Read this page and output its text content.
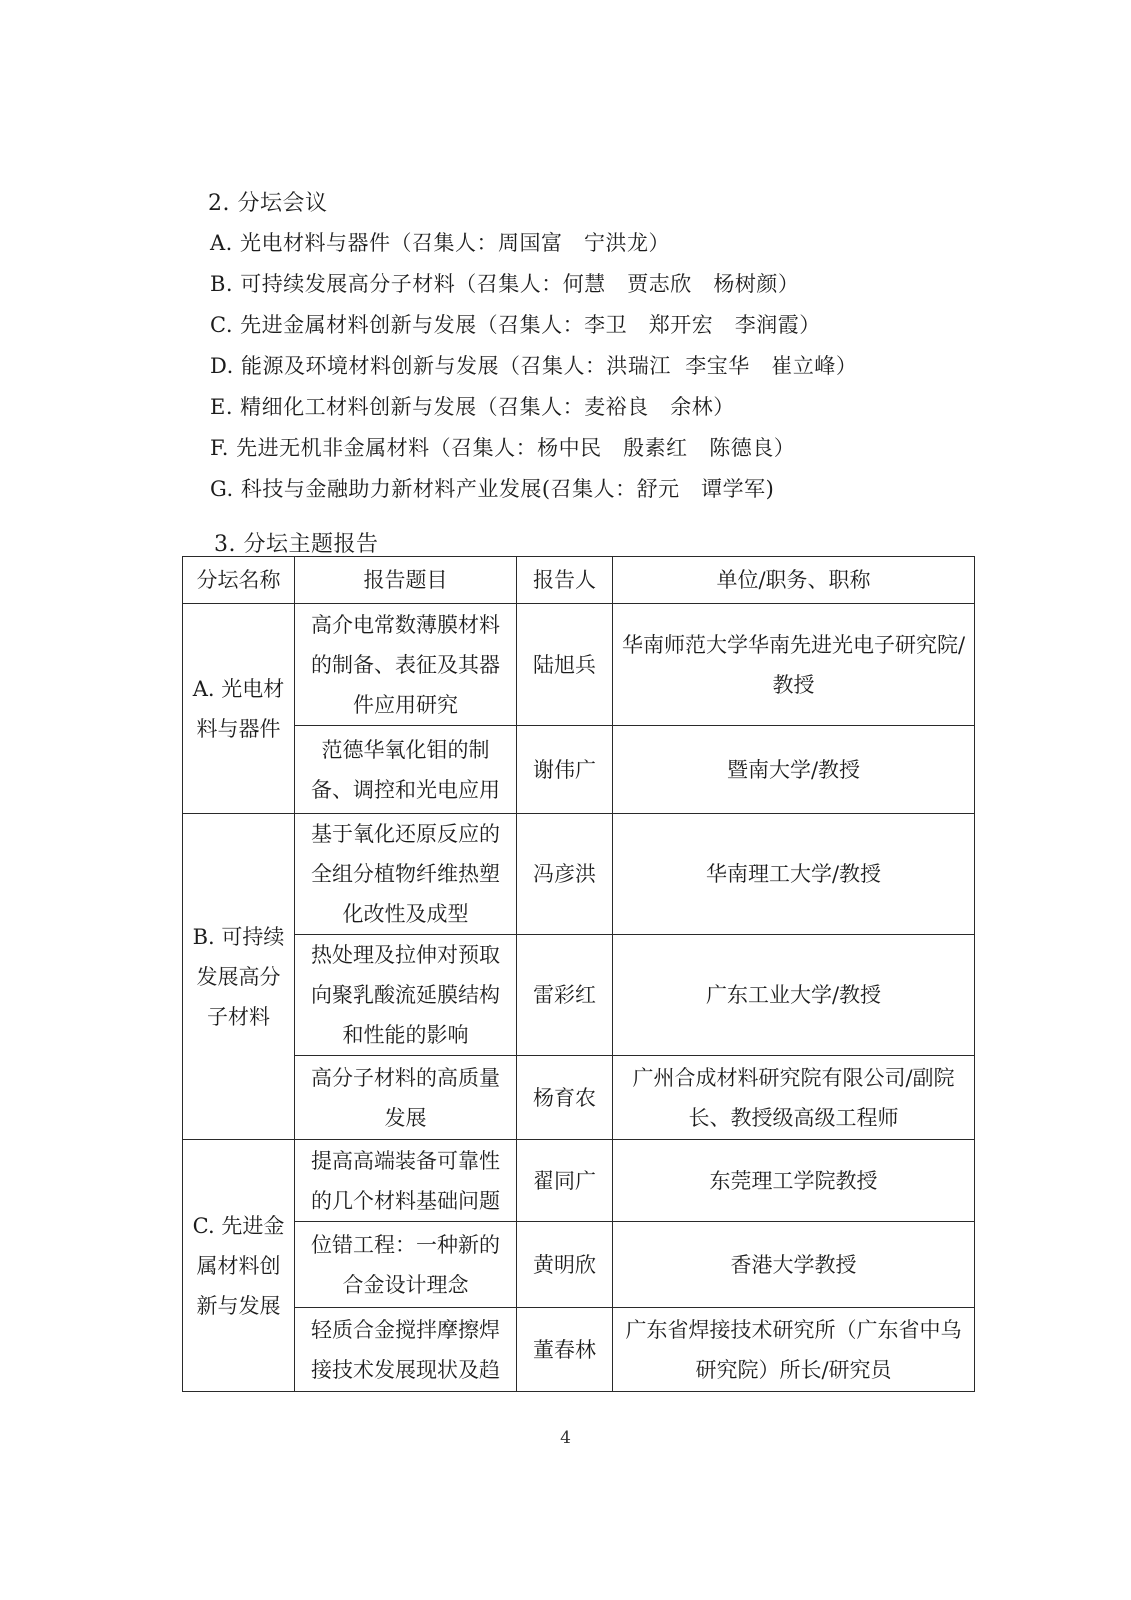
2. 分坛会议
A. 光电材料与器件（召集人：周国富   宁洪龙）
B. 可持续发展高分子材料（召集人：何慧   贾志欣   杨树颜）
C. 先进金属材料创新与发展（召集人：李卫   郑开宏   李润霞）
D. 能源及环境材料创新与发展（召集人：洪瑞江  李宝华   崔立峰）
E. 精细化工材料创新与发展（召集人：麦裕良   余林）
F. 先进无机非金属材料（召集人：杨中民   殷素红   陈德良）
G. 科技与金融助力新材料产业发展(召集人：舒元   谭学军)
3. 分坛主题报告
分坛名称	报告题目	报告人	单位/职务、职称
A. 光电材料与器件	高介电常数薄膜材料的制备、表征及其器件应用研究	陆旭兵	华南师范大学华南先进光电子研究院/教授
	范德华氧化钼的制备、调控和光电应用	谢伟广	暨南大学/教授
B. 可持续发展高分子材料	基于氧化还原反应的全组分植物纤维热塑化改性及成型	冯彦洪	华南理工大学/教授
	热处理及拉伸对预取向聚乳酸流延膜结构和性能的影响	雷彩红	广东工业大学/教授
	高分子材料的高质量发展	杨育农	广州合成材料研究院有限公司/副院长、教授级高级工程师
C. 先进金属材料创新与发展	提高高端装备可靠性的几个材料基础问题	翟同广	东莞理工学院教授
	位错工程：一种新的合金设计理念	黄明欣	香港大学教授
	轻质合金搅拌摩擦焊接技术发展现状及趋	董春林	广东省焊接技术研究所（广东省中乌研究院）所长/研究员
4
